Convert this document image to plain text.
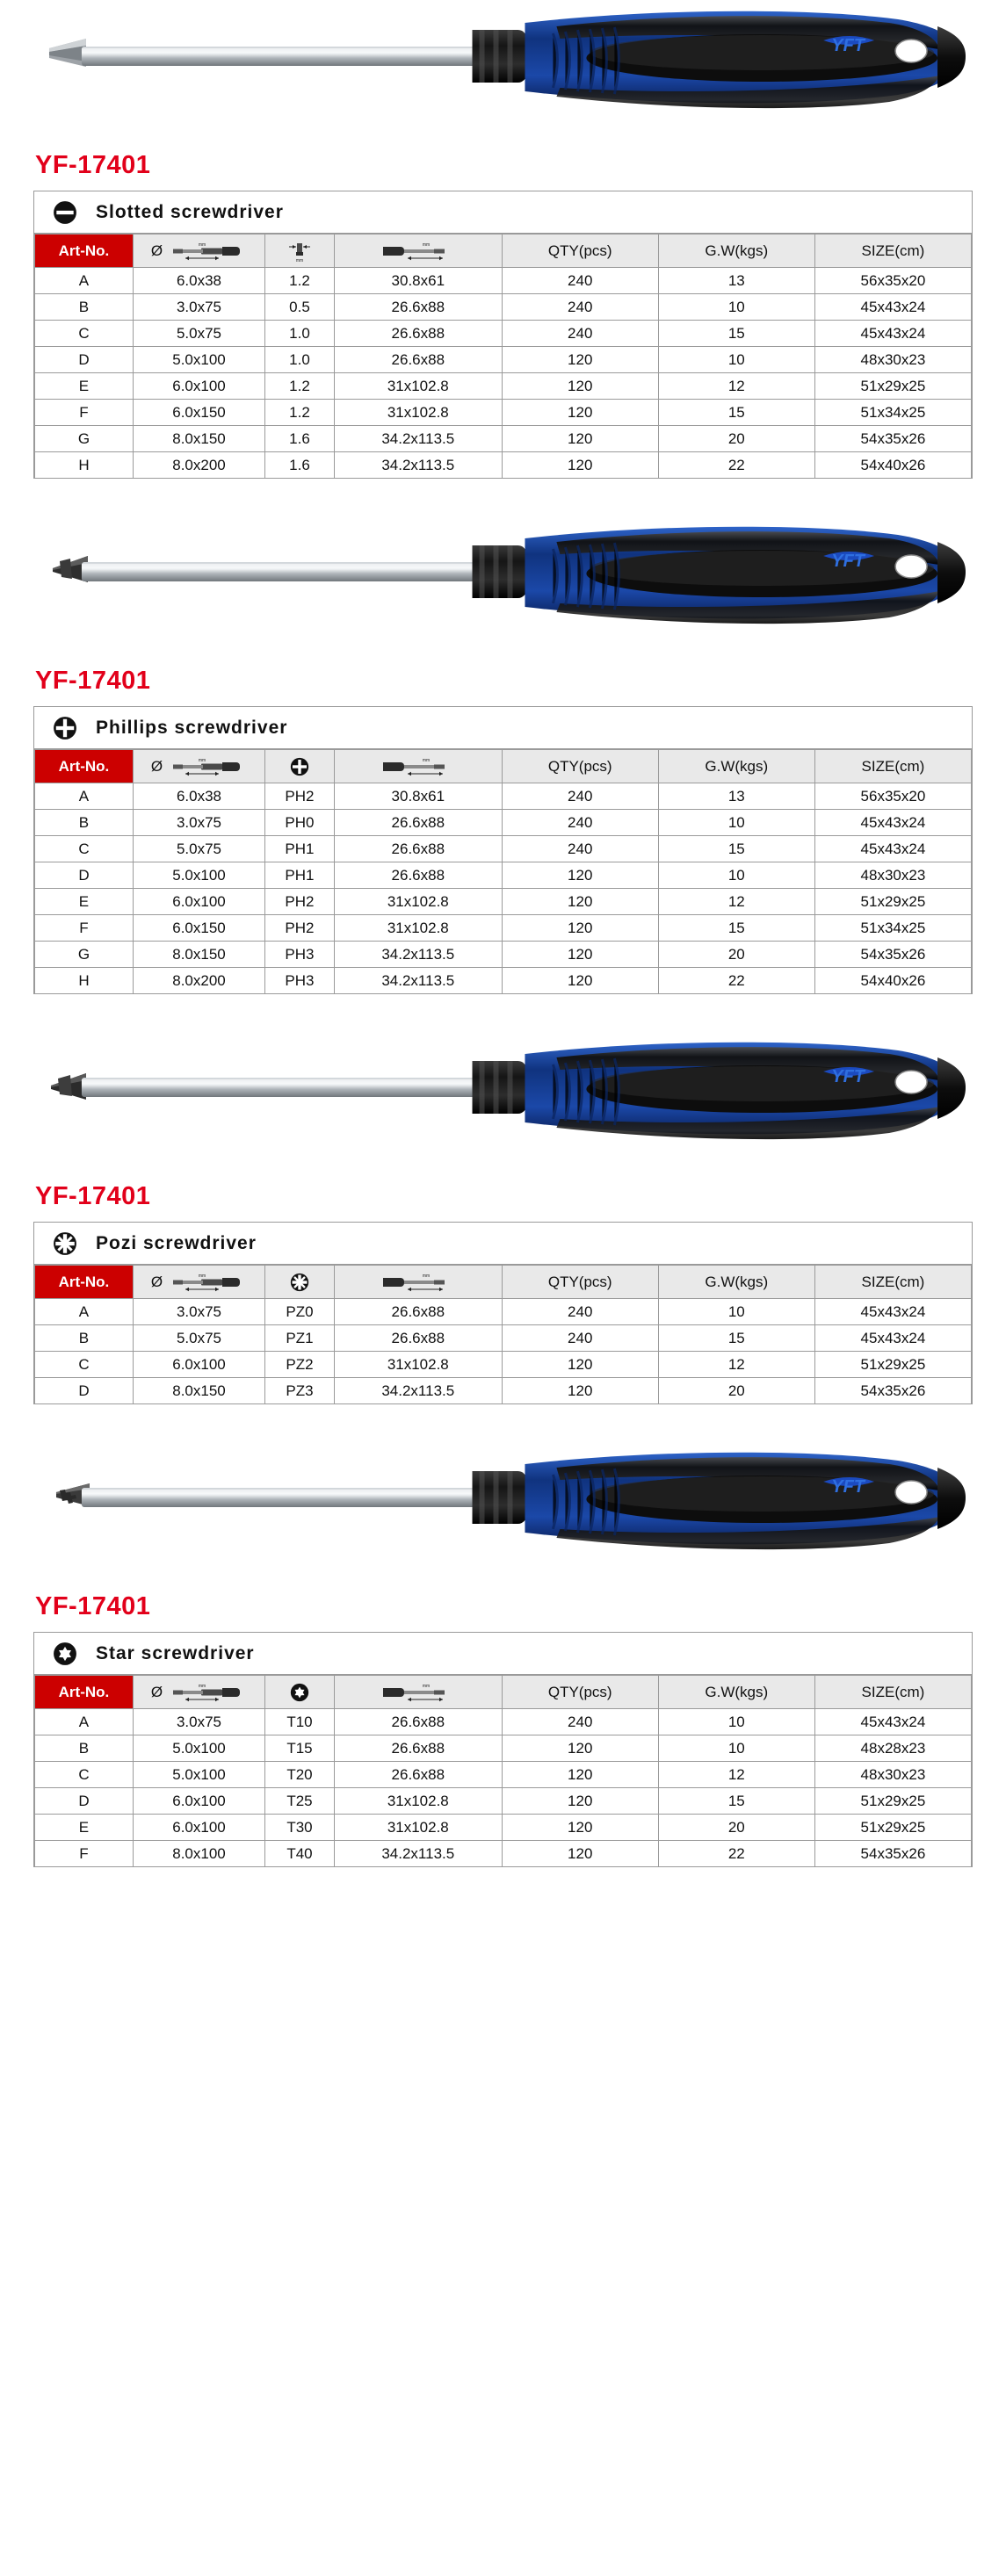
YFT
YF-17401
Slotted screwdriver
Art-No.	Ø mm	mm	mm	QTY(pcs)	G.W(kgs)	SIZE(cm)
A	6.0x38	1.2	30.8x61	240	13	56x35x20
B	3.0x75	0.5	26.6x88	240	10	45x43x24
C	5.0x75	1.0	26.6x88	240	15	45x43x24
D	5.0x100	1.0	26.6x88	120	10	48x30x23
E	6.0x100	1.2	31x102.8	120	12	51x29x25
F	6.0x150	1.2	31x102.8	120	15	51x34x25
G	8.0x150	1.6	34.2x113.5	120	20	54x35x26
H	8.0x200	1.6	34.2x113.5	120	22	54x40x26
YFT
YF-17401
Phillips screwdriver
Art-No.	Ø mm		mm	QTY(pcs)	G.W(kgs)	SIZE(cm)
A	6.0x38	PH2	30.8x61	240	13	56x35x20
B	3.0x75	PH0	26.6x88	240	10	45x43x24
C	5.0x75	PH1	26.6x88	240	15	45x43x24
D	5.0x100	PH1	26.6x88	120	10	48x30x23
E	6.0x100	PH2	31x102.8	120	12	51x29x25
F	6.0x150	PH2	31x102.8	120	15	51x34x25
G	8.0x150	PH3	34.2x113.5	120	20	54x35x26
H	8.0x200	PH3	34.2x113.5	120	22	54x40x26
YFT
YF-17401
Pozi screwdriver
Art-No.	Ø mm		mm	QTY(pcs)	G.W(kgs)	SIZE(cm)
A	3.0x75	PZ0	26.6x88	240	10	45x43x24
B	5.0x75	PZ1	26.6x88	240	15	45x43x24
C	6.0x100	PZ2	31x102.8	120	12	51x29x25
D	8.0x150	PZ3	34.2x113.5	120	20	54x35x26
YFT
YF-17401
Star screwdriver
Art-No.	Ø mm		mm	QTY(pcs)	G.W(kgs)	SIZE(cm)
A	3.0x75	T10	26.6x88	240	10	45x43x24
B	5.0x100	T15	26.6x88	120	10	48x28x23
C	5.0x100	T20	26.6x88	120	12	48x30x23
D	6.0x100	T25	31x102.8	120	15	51x29x25
E	6.0x100	T30	31x102.8	120	20	51x29x25
F	8.0x100	T40	34.2x113.5	120	22	54x35x26
